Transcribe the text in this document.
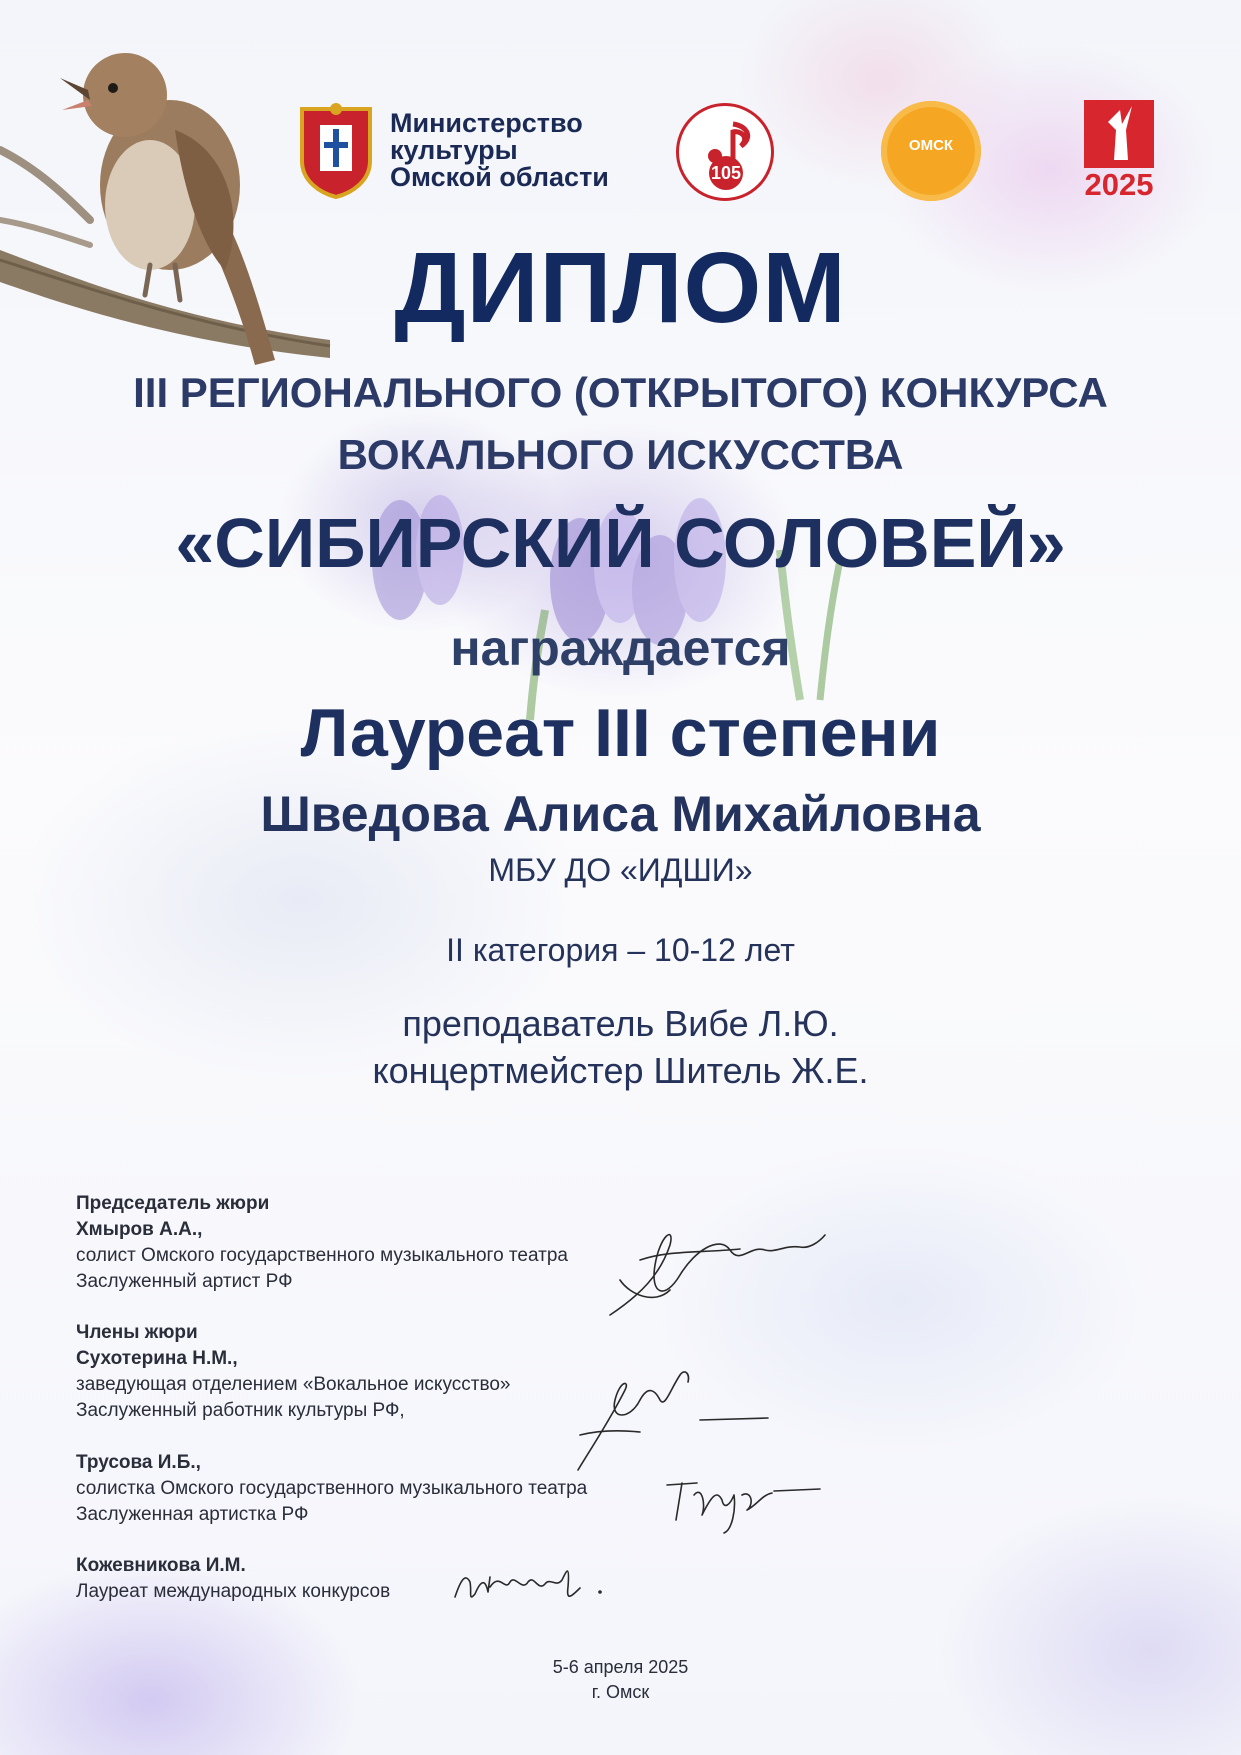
Министерство
культуры
Омской области	105
ОМСК
2025
ДИПЛОМ
III РЕГИОНАЛЬНОГО (ОТКРЫТОГО) КОНКУРСА
ВОКАЛЬНОГО ИСКУССТВА
«СИБИРСКИЙ СОЛОВЕЙ»
награждается
Лауреат III степени
Шведова Алиса Михайловна
МБУ ДО «ИДШИ»
II категория – 10-12 лет
преподаватель Вибе Л.Ю.
концертмейстер Шитель Ж.Е.
Председатель жюри
Хмыров А.А.,
солист Омского государственного музыкального театра
Заслуженный артист РФ
Члены жюри
Сухотерина Н.М.,
заведующая отделением «Вокальное искусство»
Заслуженный работник культуры РФ,
Трусова И.Б.,
солистка Омского государственного музыкального театра
Заслуженная артистка РФ
Кожевникова И.М.
Лауреат международных конкурсов
5-6 апреля 2025
г. Омск
